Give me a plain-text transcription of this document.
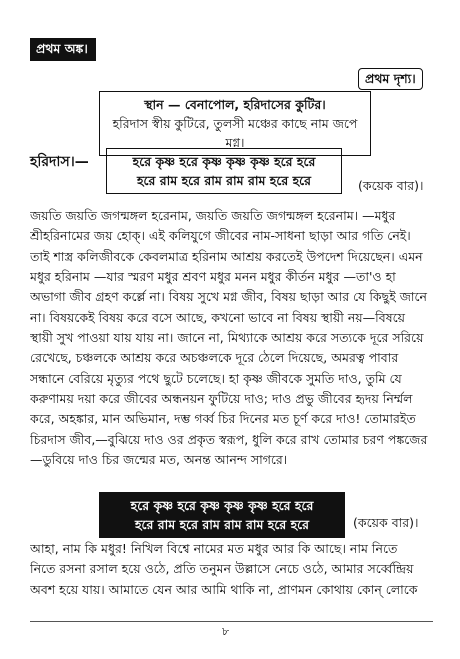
প্রথম অঙ্ক।
প্রথম দৃশ্য।
স্থান — বেনাপোল, হরিদাসের কুটির।
হরিদাস স্বীয় কুটিরে, তুলসী মঞ্চের কাছে নাম জপে মগ্ন।
হরিদাস।—	হরে কৃষ্ণ হরে কৃষ্ণ কৃষ্ণ কৃষ্ণ হরে হরে
হরে রাম হরে রাম রাম রাম হরে হরে	(কয়েক বার)।
জয়তি জয়তি জগন্মঙ্গল হরেনাম, জয়তি জয়তি জগন্মঙ্গল হরেনাম। —মধুর
শ্রীহরিনামের জয় হোক্। এই কলিযুগে জীবের নাম-সাধনা ছাড়া আর গতি নেই।
তাই শাস্ত্র কলিজীবকে কেবলমাত্র হরিনাম আশ্রয় করতেই উপদেশ দিয়েছেন। এমন
মধুর হরিনাম —যার স্মরণ মধুর শ্রবণ মধুর মনন মধুর কীর্তন মধুর —তা'ও হা
অভাগা জীব গ্রহণ কর্ল্লে না। বিষয় সুখে মগ্ন জীব, বিষয় ছাড়া আর যে কিছুই জানে
না। বিষয়কেই বিষয় করে বসে আছে, কখনো ভাবে না বিষয় স্থায়ী নয়—বিষয়ে
স্থায়ী সুখ পাওয়া যায় যায় না। জানে না, মিথ্যাকে আশ্রয় করে সত্যকে দূরে সরিয়ে
রেখেছে, চঞ্চলকে আশ্রয় করে অচঞ্চলকে দূরে ঠেলে দিয়েছে, অমরত্ব পাবার
সন্ধানে বেরিয়ে মৃত্যুর পথে ছুটে চলেছে। হা কৃষ্ণ জীবকে সুমতি দাও, তুমি যে
করুণাময় দয়া করে জীবের অন্ধনয়ন ফুটিয়ে দাও; দাও প্রভু জীবের হৃদয় নির্ম্মল
করে, অহঙ্কার, মান অভিমান, দম্ভ গর্ব্ব চির দিনের মত চূর্ণ করে দাও! তোমারইত
চিরদাস জীব,—বুঝিয়ে দাও ওর প্রকৃত স্বরূপ, ধুলি করে রাখ তোমার চরণ পঙ্কজের
—ডুবিয়ে দাও চির জন্মের মত, অনন্ত আনন্দ সাগরে।
হরে কৃষ্ণ হরে কৃষ্ণ কৃষ্ণ কৃষ্ণ হরে হরে
হরে রাম হরে রাম রাম রাম হরে হরে	(কয়েক বার)।
আহা, নাম কি মধুর! নিখিল বিশ্বে নামের মত মধুর আর কি আছে। নাম নিতে
নিতে রসনা রসাল হয়ে ওঠে, প্রতি তনুমন উল্লাসে নেচে ওঠে, আমার সর্ব্বেন্দ্রিয়
অবশ হয়ে যায়। আমাতে যেন আর আমি থাকি না, প্রাণমন কোথায় কোন্ লোকে
৮
